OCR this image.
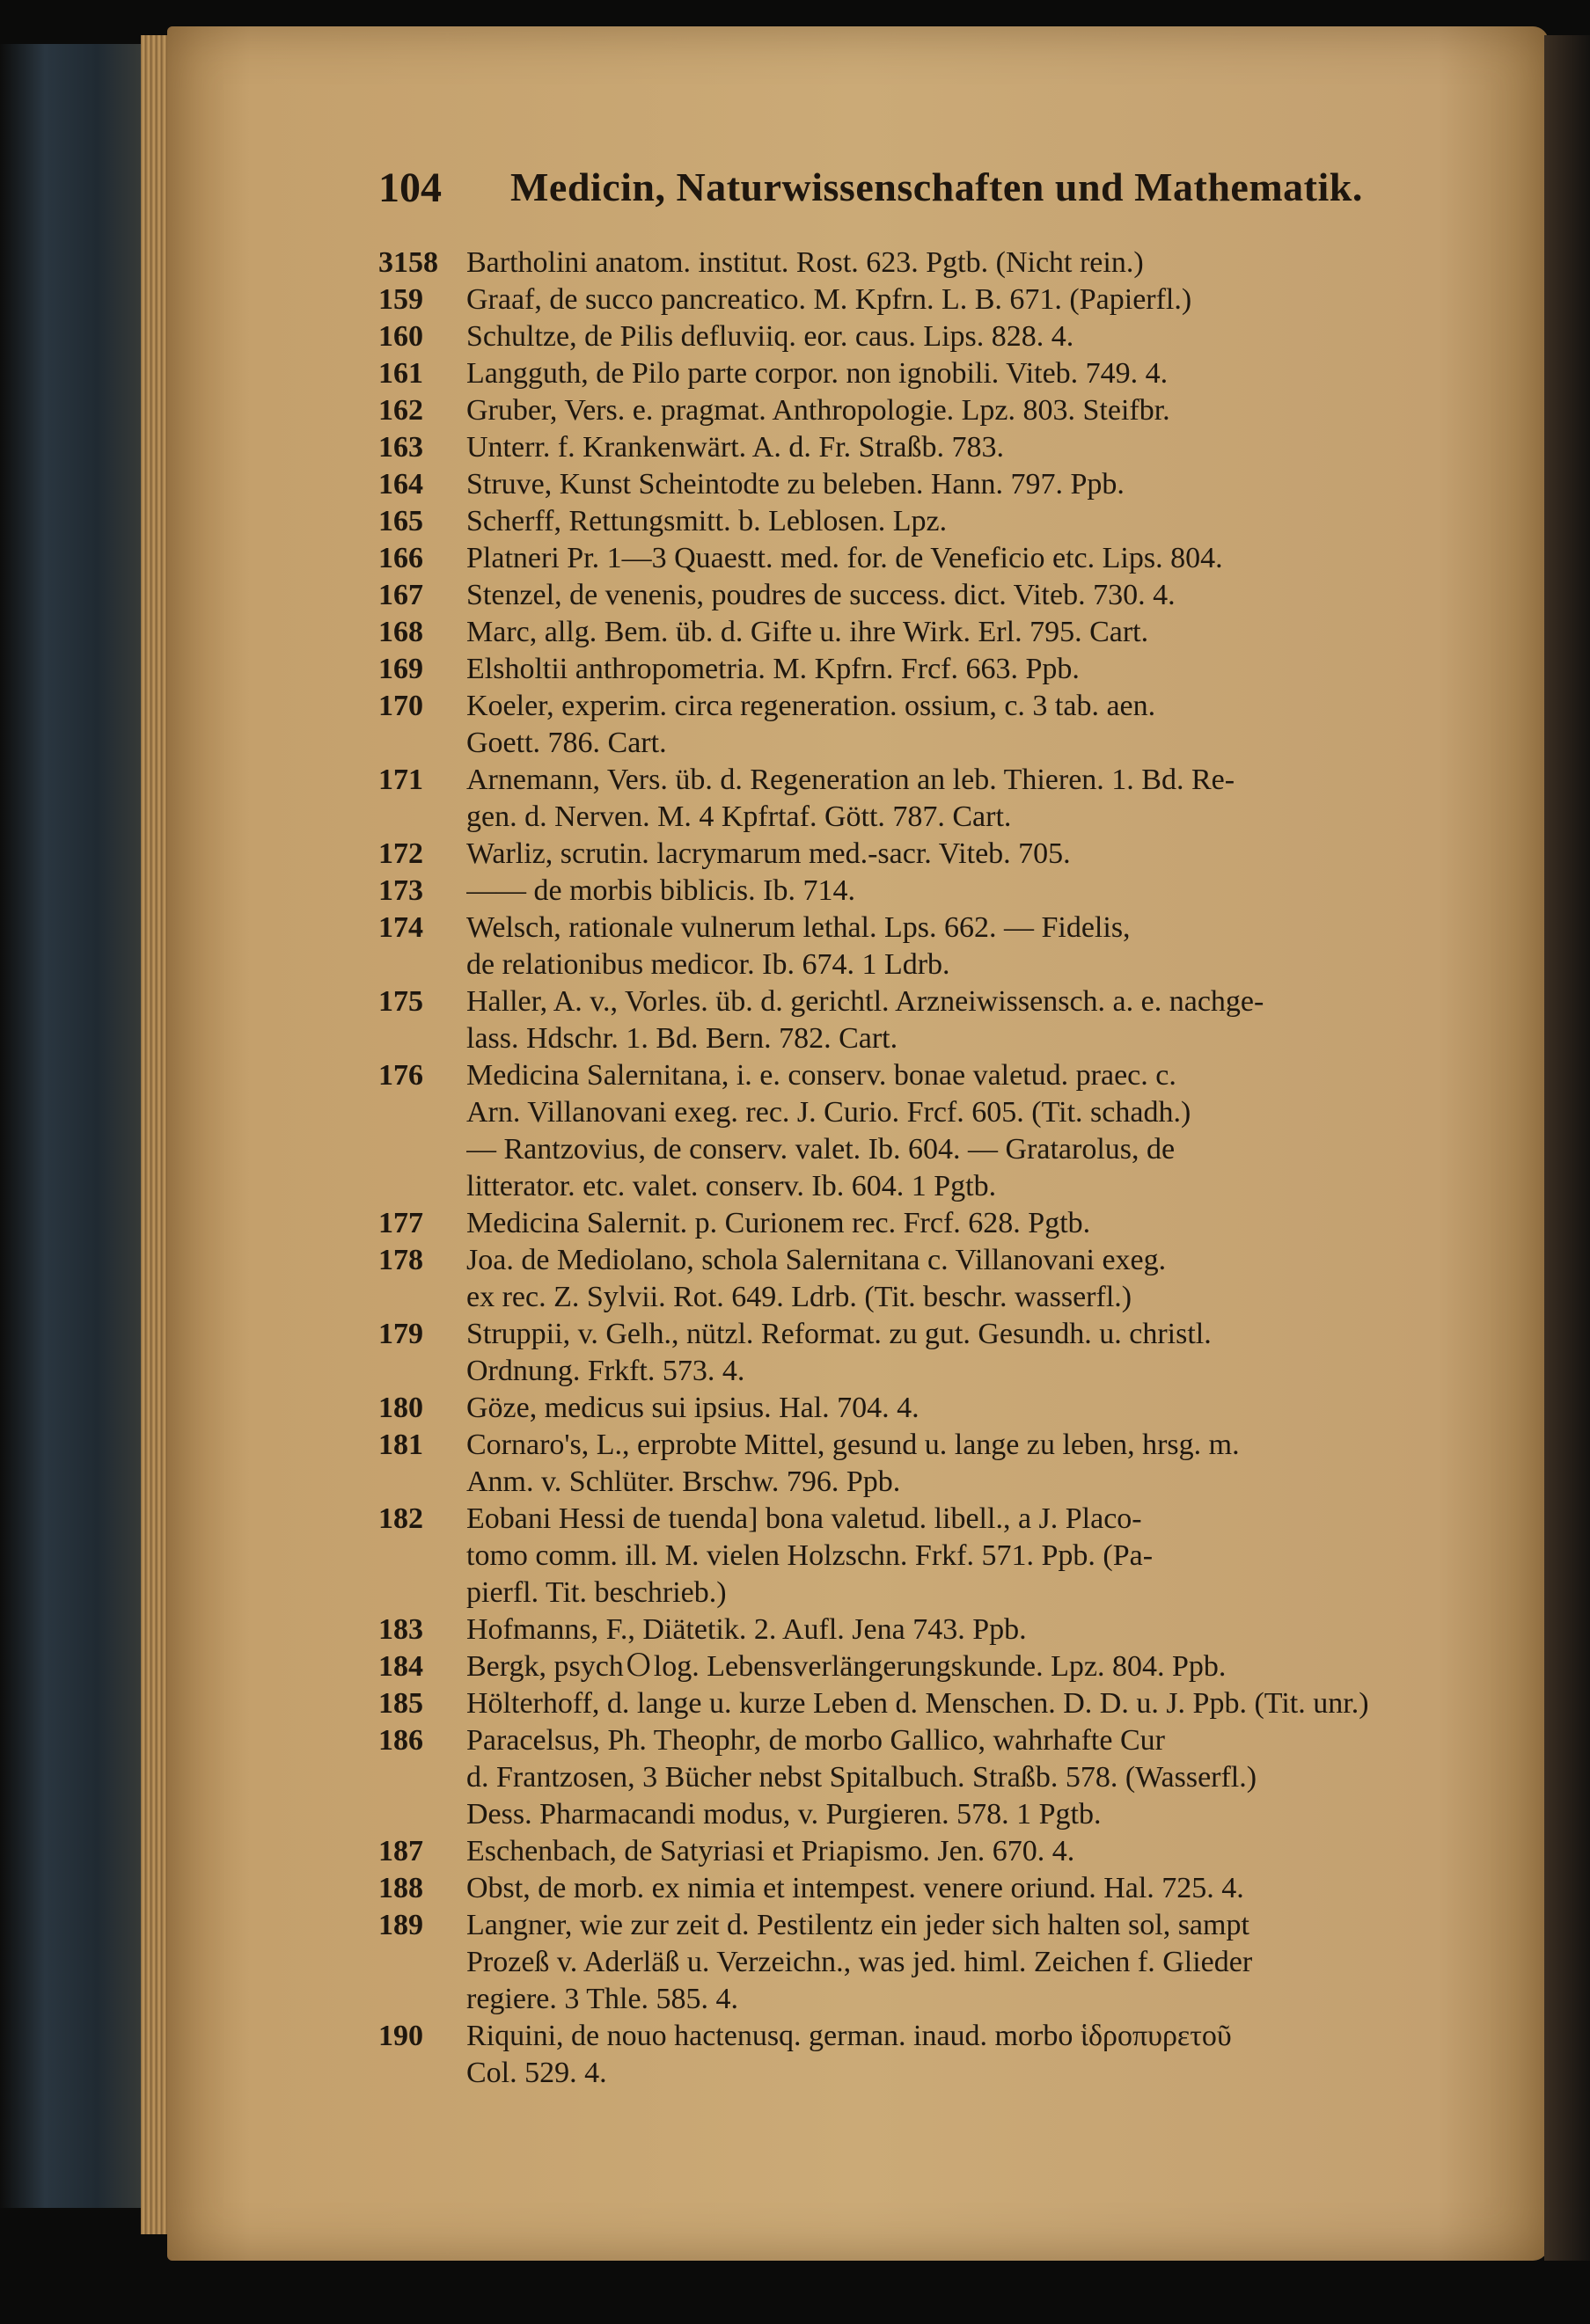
104 Medicin, Naturwissenschaften und Mathematik.
3158 Bartholini anatom. institut. Rost. 623. Pgtb. (Nicht rein.)
159	Graaf, de succo pancreatico. M. Kpfrn. L. B. 671. (Papierfl.)
160	Schultze, de Pilis defluviiq. eor. caus. Lips. 828. 4.
161	Langguth, de Pilo parte corpor. non ignobili. Viteb. 749. 4.
162	Gruber, Vers. e. pragmat. Anthropologie. Lpz. 803. Steifbr.
163	Unterr. f. Krankenwärt. A. d. Fr. Straßb. 783.
164	Struve, Kunst Scheintodte zu beleben. Hann. 797. Ppb.
165	Scherff, Rettungsmitt. b. Leblosen. Lpz.
166	Platneri Pr. 1—3 Quaestt. med. for. de Veneficio etc. Lips. 804.
167	Stenzel, de venenis, poudres de success. dict. Viteb. 730. 4.
168	Marc, allg. Bem. üb. d. Gifte u. ihre Wirk. Erl. 795. Cart.
169	Elsholtii anthropometria. M. Kpfrn. Frcf. 663. Ppb.
170	Koeler, experim. circa regeneration. ossium, c. 3 tab. aen.
Goett. 786. Cart.
171	Arnemann, Vers. üb. d. Regeneration an leb. Thieren. 1. Bd. Re-
gen. d. Nerven. M. 4 Kpfrtaf. Gött. 787. Cart.
172	Warliz, scrutin. lacrymarum med.-sacr. Viteb. 705.
173	—— de morbis biblicis. Ib. 714.
174	Welsch, rationale vulnerum lethal. Lps. 662. — Fidelis,
de relationibus medicor. Ib. 674. 1 Ldrb.
175	Haller, A. v., Vorles. üb. d. gerichtl. Arzneiwissensch. a. e. nachge-
lass. Hdschr. 1. Bd. Bern. 782. Cart.
176	Medicina Salernitana, i. e. conserv. bonae valetud. praec. c.
Arn. Villanovani exeg. rec. J. Curio. Frcf. 605. (Tit. schadh.)
— Rantzovius, de conserv. valet. Ib. 604. — Gratarolus, de
litterator. etc. valet. conserv. Ib. 604. 1 Pgtb.
177	Medicina Salernit. p. Curionem rec. Frcf. 628. Pgtb.
178	Joa. de Mediolano, schola Salernitana c. Villanovani exeg.
ex rec. Z. Sylvii. Rot. 649. Ldrb. (Tit. beschr. wasserfl.)
179	Struppii, v. Gelh., nützl. Reformat. zu gut. Gesundh. u. christl.
Ordnung. Frkft. 573. 4.
180	Göze, medicus sui ipsius. Hal. 704. 4.
181	Cornaro's, L., erprobte Mittel, gesund u. lange zu leben, hrsg. m.
Anm. v. Schlüter. Brschw. 796. Ppb.
182	Eobani Hessi de tuenda] bona valetud. libell., a J. Placo-
tomo comm. ill. M. vielen Holzschn. Frkf. 571. Ppb. (Pa-
pierfl. Tit. beschrieb.)
183	Hofmanns, F., Diätetik. 2. Aufl. Jena 743. Ppb.
184	Bergk, psychＯlog. Lebensverlängerungskunde. Lpz. 804. Ppb.
185	Hölterhoff, d. lange u. kurze Leben d. Menschen. D. D. u. J. Ppb. (Tit. unr.)
186	Paracelsus, Ph. Theophr, de morbo Gallico, wahrhafte Cur
d. Frantzosen, 3 Bücher nebst Spitalbuch. Straßb. 578. (Wasserfl.)
Dess. Pharmacandi modus, v. Purgieren. 578. 1 Pgtb.
187	Eschenbach, de Satyriasi et Priapismo. Jen. 670. 4.
188	Obst, de morb. ex nimia et intempest. venere oriund. Hal. 725. 4.
189	Langner, wie zur zeit d. Pestilentz ein jeder sich halten sol, sampt
Prozeß v. Aderläß u. Verzeichn., was jed. himl. Zeichen f. Glieder
regiere. 3 Thle. 585. 4.
190	Riquini, de nouo hactenusq. german. inaud. morbo ἱδροπυρετοῦ
Col. 529. 4.
